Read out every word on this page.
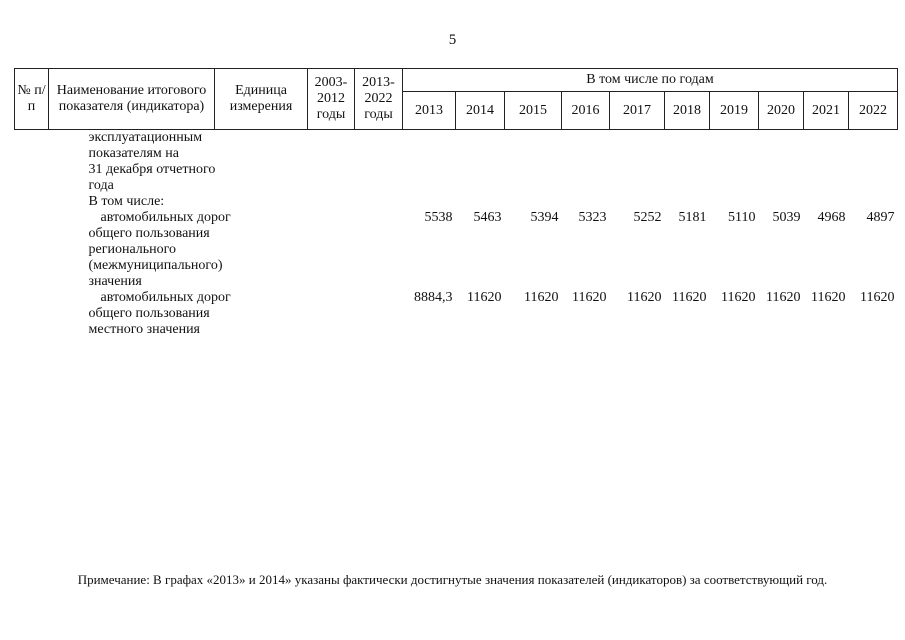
5
№ п/п	Наименование итогового показателя (индикатора)	Единица измерения	2003-2012 годы	2013-2022 годы	В том числе по годам									
					2013	2014	2015	2016	2017	2018	2019	2020	2021	2022

	эксплуатационным
показателям на
31 декабря отчетного
года
В том числе:													

	автомобильных дорог
общего пользования
регионального
(межмуниципального)
значения				5538	5463	5394	5323	5252	5181	5110	5039	4968	4897

	автомобильных дорог
общего пользования
местного значения				8884,3	11620	11620	11620	11620	11620	11620	11620	11620	11620
Примечание: В графах «2013» и 2014» указаны фактически достигнутые значения показателей (индикаторов) за соответствующий год.
